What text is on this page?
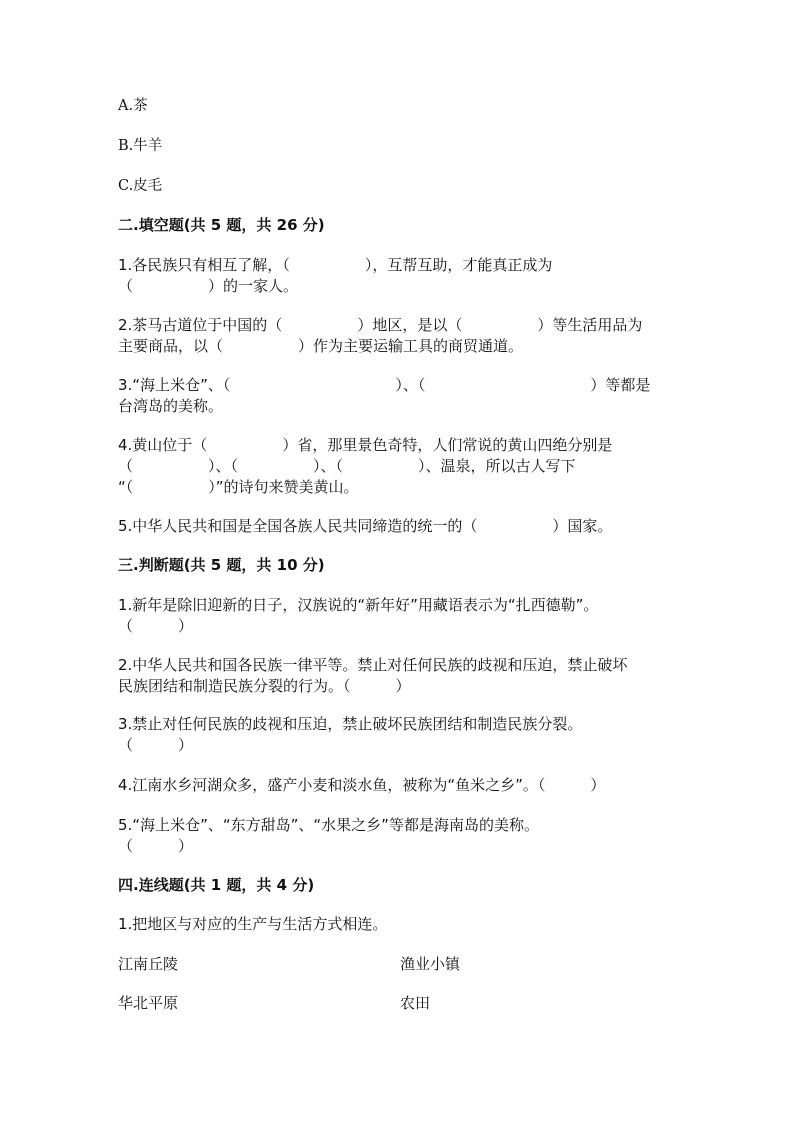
A.茶
B.牛羊
C.皮毛
二.填空题(共 5 题，共 26 分)
1.各民族只有相互了解，（　　　　　），互帮互助，才能真正成为
（　　　　　）的一家人。
2.茶马古道位于中国的（　　　　　）地区，是以（　　　　　）等生活用品为
主要商品，以（　　　　　）作为主要运输工具的商贸通道。
3.“海上米仓”、（　　　　　　　　　　　）、（　　　　　　　　　　　）等都是
台湾岛的美称。
4.黄山位于（　　　　　）省，那里景色奇特，人们常说的黄山四绝分别是
（　　　　　）、（　　　　　）、（　　　　　）、温泉，所以古人写下
“（　　　　　）”的诗句来赞美黄山。
5.中华人民共和国是全国各族人民共同缔造的统一的（　　　　　）国家。
三.判断题(共 5 题，共 10 分)
1.新年是除旧迎新的日子，汉族说的“新年好”用藏语表示为“扎西德勒”。
（　　　）
2.中华人民共和国各民族一律平等。禁止对任何民族的歧视和压迫，禁止破坏
民族团结和制造民族分裂的行为。（　　　）
3.禁止对任何民族的歧视和压迫，禁止破坏民族团结和制造民族分裂。
（　　　）
4.江南水乡河湖众多，盛产小麦和淡水鱼，被称为“鱼米之乡”。（　　　）
5.“海上米仓”、“东方甜岛”、“水果之乡”等都是海南岛的美称。
（　　　）
四.连线题(共 1 题，共 4 分)
1.把地区与对应的生产与生活方式相连。
江南丘陵	渔业小镇
华北平原	农田
